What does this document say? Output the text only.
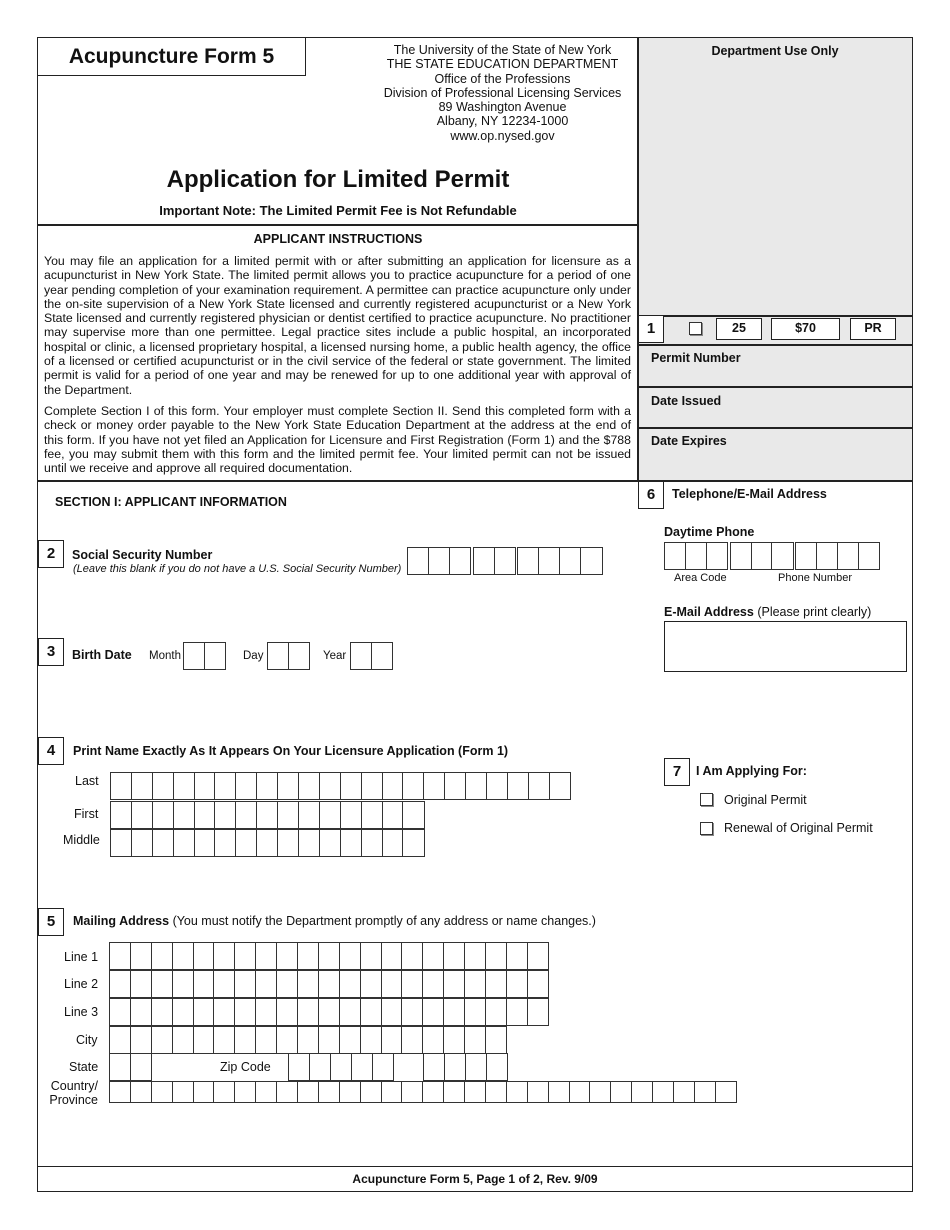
Acupuncture Form 5	The University of the State of New York
THE STATE EDUCATION DEPARTMENT
Office of the Professions
Division of Professional Licensing Services
89 Washington Avenue
Albany, NY 12234-1000
www.op.nysed.gov
Application for Limited Permit
Important Note: The Limited Permit Fee is Not Refundable
APPLICANT INSTRUCTIONS
You may file an application for a limited permit with or after submitting an application for licensure as a acupuncturist in New York State. The limited permit allows you to practice acupuncture for a period of one year pending completion of your examination requirement. A permittee can practice acupuncture only under the on-site supervision of a New York State licensed and currently registered acupuncturist or a New York State licensed and currently registered physician or dentist certified to practice acupuncture. No practitioner may supervise more than one permittee. Legal practice sites include a public hospital, an incorporated hospital or clinic, a licensed proprietary hospital, a licensed nursing home, a public health agency, the office of a licensed or certified acupuncturist or in the civil service of the federal or state government. The limited permit is valid for a period of one year and may be renewed for up to one additional year with approval of the Department.
Complete Section I of this form. Your employer must complete Section II. Send this completed form with a check or money order payable to the New York State Education Department at the address at the end of this form. If you have not yet filed an Application for Licensure and First Registration (Form 1) and the $788 fee, you may submit them with this form and the limited permit fee. Your limited permit can not be issued until we receive and approve all required documentation.
Department Use Only
1	25	$70	PR
Permit Number
Date Issued
Date Expires
SECTION I: APPLICANT INFORMATION
2	Social Security Number
(Leave this blank if you do not have a U.S. Social Security Number)
3	Birth Date Month	Day	Year
4	Print Name Exactly As It Appears On Your Licensure Application (Form 1)
Last
First
Middle
5	Mailing Address (You must notify the Department promptly of any address or name changes.)
Line 1
Line 2
Line 3
City
State	Zip Code
Country/
Province
6	Telephone/E-Mail Address
Daytime Phone
Area Code	Phone Number
E-Mail Address (Please print clearly)
7	I Am Applying For:
Original Permit
Renewal of Original Permit
Acupuncture Form 5, Page 1 of 2, Rev. 9/09
